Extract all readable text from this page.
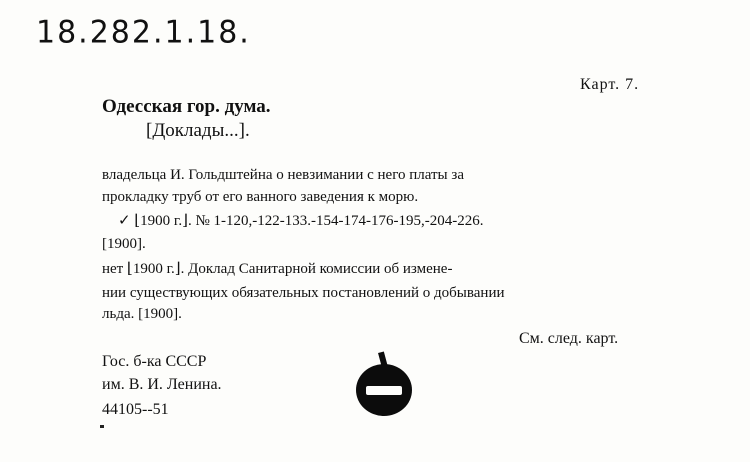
18.282.1.18.
Карт. 7.
Одесская гор. дума.
[Доклады...].
владельца И. Гольдштейна о невзимании с него платы за
прокладку труб от его ванного заведения к морю.
✓ ⌊1900 г.⌋. № 1-120,-122-133.-154-174-176-195,-204-226.
[1900].
нет ⌊1900 г.⌋. Доклад Санитарной комиссии об измене-
нии существующих обязательных постановлений о добывании
льда. [1900].
См. след. карт.
Гос. б-ка СССР
им. В. И. Ленина.
44105--51
